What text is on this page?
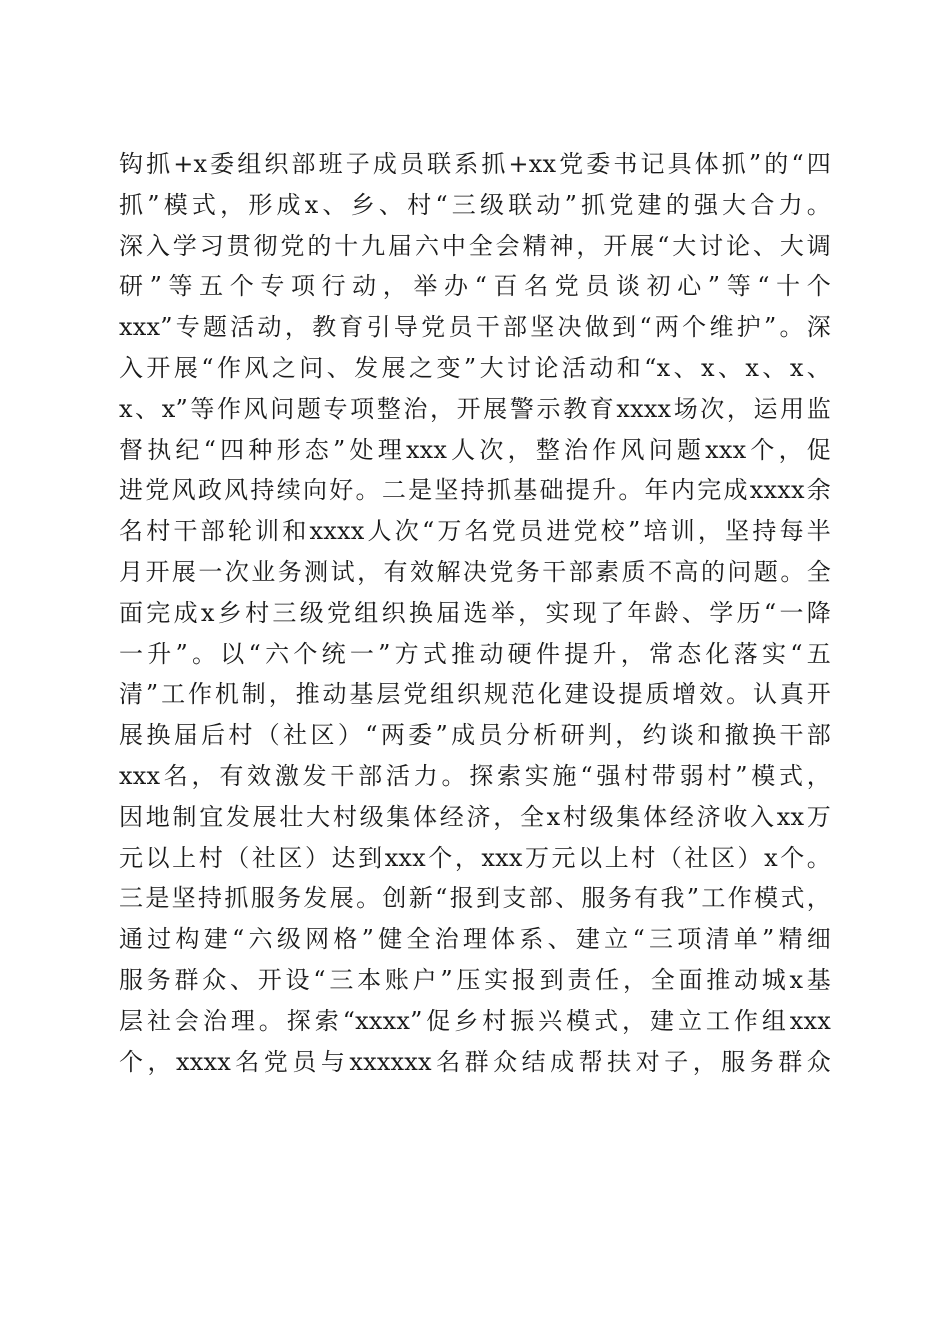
钩抓+x委组织部班子成员联系抓+xx党委书记具体抓”的“四
抓”模式，形成x、乡、村“三级联动”抓党建的强大合力。
深入学习贯彻党的十九届六中全会精神，开展“大讨论、大调
研”等五个专项行动，举办“百名党员谈初心”等“十个
xxx”专题活动，教育引导党员干部坚决做到“两个维护”。深
入开展“作风之问、发展之变”大讨论活动和“x、x、x、x、
x、x”等作风问题专项整治，开展警示教育xxxx场次，运用监
督执纪“四种形态”处理xxx人次，整治作风问题xxx个，促
进党风政风持续向好。二是坚持抓基础提升。年内完成xxxx余
名村干部轮训和xxxx人次“万名党员进党校”培训，坚持每半
月开展一次业务测试，有效解决党务干部素质不高的问题。全
面完成x乡村三级党组织换届选举，实现了年龄、学历“一降
一升”。以“六个统一”方式推动硬件提升，常态化落实“五
清”工作机制，推动基层党组织规范化建设提质增效。认真开
展换届后村（社区）“两委”成员分析研判，约谈和撤换干部
xxx名，有效激发干部活力。探索实施“强村带弱村”模式，
因地制宜发展壮大村级集体经济，全x村级集体经济收入xx万
元以上村（社区）达到xxx个，xxx万元以上村（社区）x个。
三是坚持抓服务发展。创新“报到支部、服务有我”工作模式，
通过构建“六级网格”健全治理体系、建立“三项清单”精细
服务群众、开设“三本账户”压实报到责任，全面推动城x基
层社会治理。探索“xxxx”促乡村振兴模式，建立工作组xxx
个，xxxx名党员与xxxxxx名群众结成帮扶对子，服务群众
